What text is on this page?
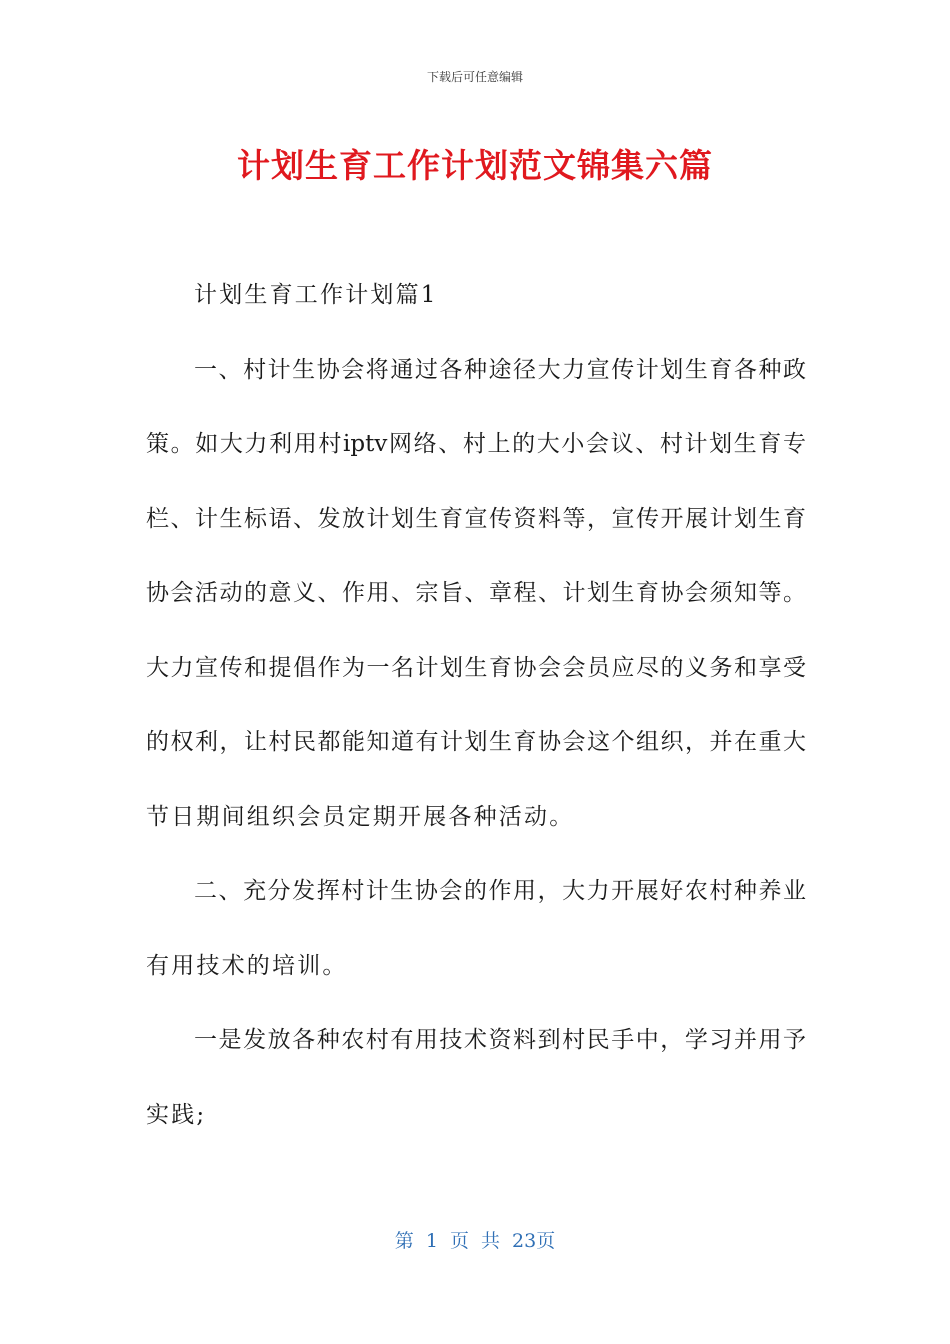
下载后可任意编辑
计划生育工作计划范文锦集六篇
计划生育工作计划篇1
一、村计生协会将通过各种途径大力宣传计划生育各种政
策。如大力利用村iptv网络、村上的大小会议、村计划生育专
栏、计生标语、发放计划生育宣传资料等，宣传开展计划生育
协会活动的意义、作用、宗旨、章程、计划生育协会须知等。
大力宣传和提倡作为一名计划生育协会会员应尽的义务和享受
的权利，让村民都能知道有计划生育协会这个组织，并在重大
节日期间组织会员定期开展各种活动。
二、充分发挥村计生协会的作用，大力开展好农村种养业
有用技术的培训。
一是发放各种农村有用技术资料到村民手中，学习并用予
实践;
第 1 页 共 23页
